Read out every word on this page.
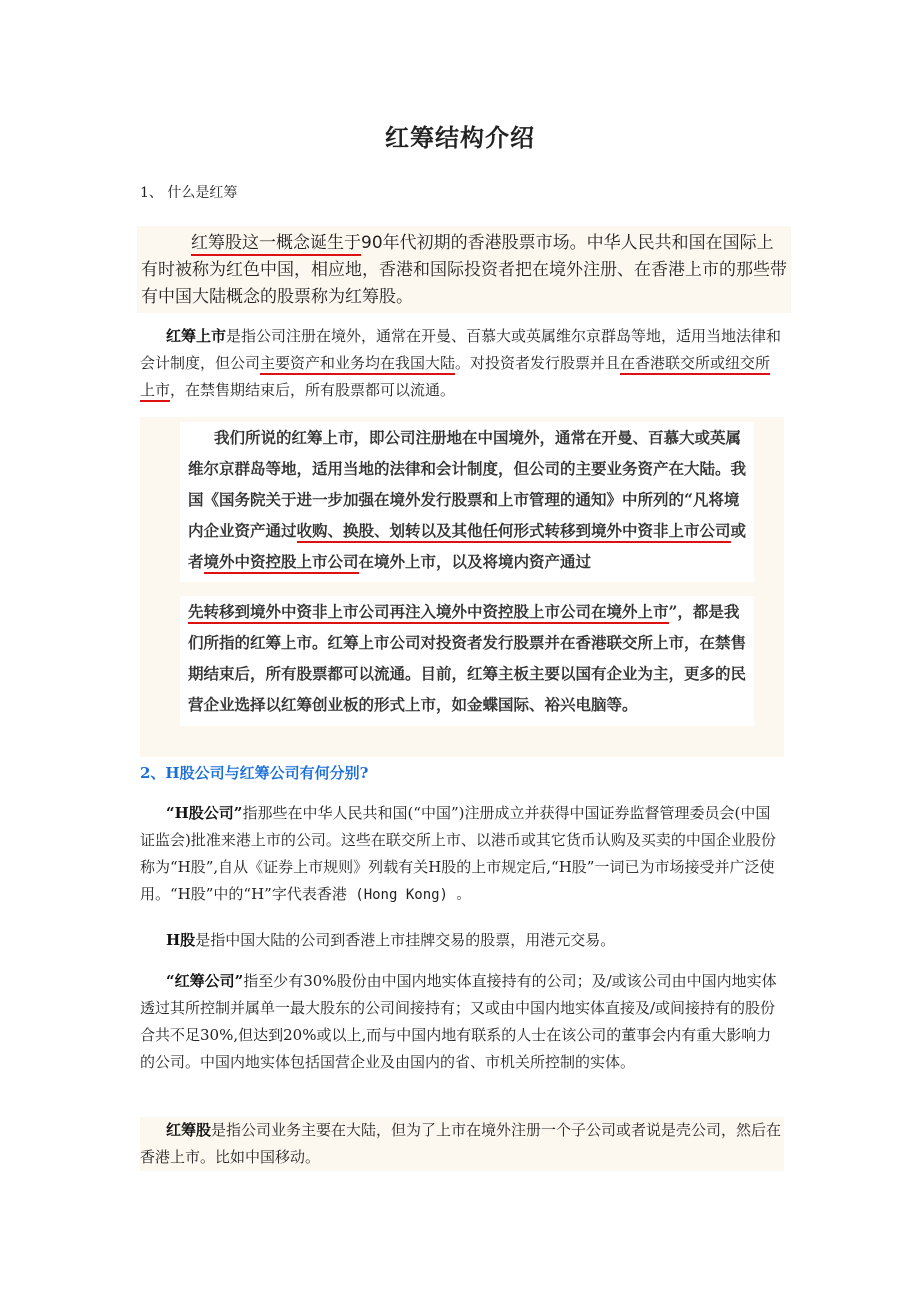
红筹结构介绍
1、 什么是红筹
红筹股这一概念诞生于90年代初期的香港股票市场。中华人民共和国在国际上有时被称为红色中国，相应地，香港和国际投资者把在境外注册、在香港上市的那些带有中国大陆概念的股票称为红筹股。
红筹上市是指公司注册在境外，通常在开曼、百慕大或英属维尔京群岛等地，适用当地法律和会计制度，但公司主要资产和业务均在我国大陆。对投资者发行股票并且在香港联交所或纽交所上市，在禁售期结束后，所有股票都可以流通。
我们所说的红筹上市，即公司注册地在中国境外，通常在开曼、百慕大或英属维尔京群岛等地，适用当地的法律和会计制度，但公司的主要业务资产在大陆。我国《国务院关于进一步加强在境外发行股票和上市管理的通知》中所列的“凡将境内企业资产通过收购、换股、划转以及其他任何形式转移到境外中资非上市公司或者境外中资控股上市公司在境外上市，以及将境内资产通过
先转移到境外中资非上市公司再注入境外中资控股上市公司在境外上市”，都是我们所指的红筹上市。红筹上市公司对投资者发行股票并在香港联交所上市，在禁售期结束后，所有股票都可以流通。目前，红筹主板主要以国有企业为主，更多的民营企业选择以红筹创业板的形式上市，如金蝶国际、裕兴电脑等。
2、H股公司与红筹公司有何分别?
“H股公司”指那些在中华人民共和国(“中国”)注册成立并获得中国证券监督管理委员会(中国证监会)批准来港上市的公司。这些在联交所上市、以港币或其它货币认购及买卖的中国企业股份称为“H股”,自从《证券上市规则》列载有关H股的上市规定后,“H股”一词已为市场接受并广泛使用。“H股”中的“H”字代表香港 (Hong Kong) 。
H股是指中国大陆的公司到香港上市挂牌交易的股票，用港元交易。
“红筹公司”指至少有30%股份由中国内地实体直接持有的公司；及/或该公司由中国内地实体透过其所控制并属单一最大股东的公司间接持有；又或由中国内地实体直接及/或间接持有的股份合共不足30%,但达到20%或以上,而与中国内地有联系的人士在该公司的董事会内有重大影响力的公司。中国内地实体包括国营企业及由国内的省、市机关所控制的实体。
红筹股是指公司业务主要在大陆，但为了上市在境外注册一个子公司或者说是壳公司，然后在香港上市。比如中国移动。
